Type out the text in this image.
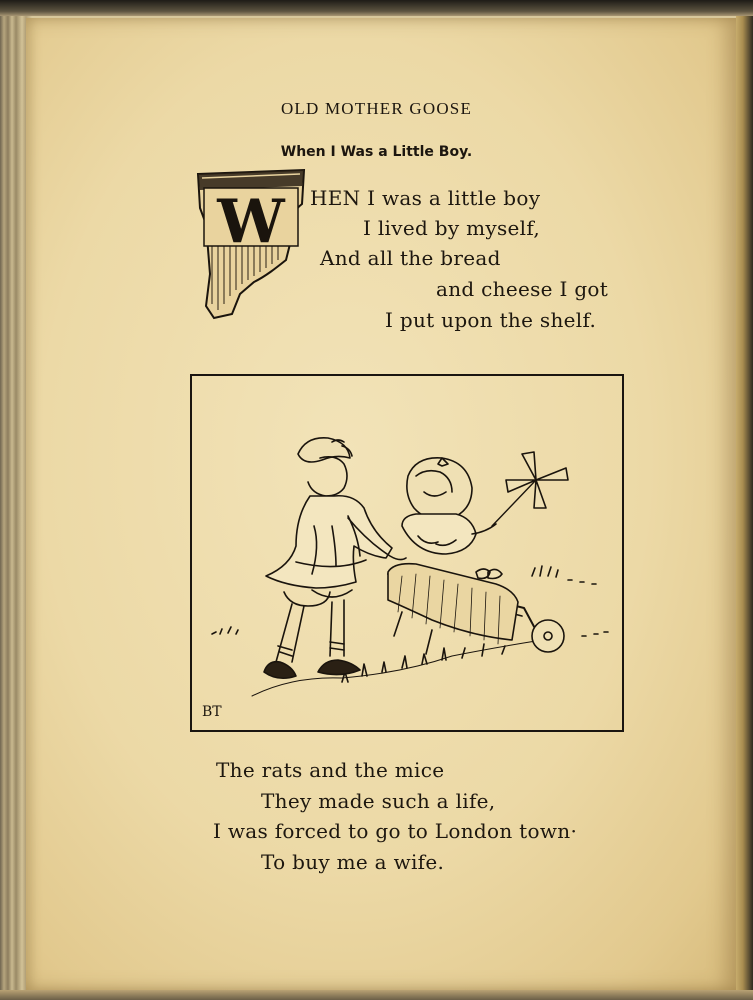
OLD MOTHER GOOSE
When I Was a Little Boy.
W HEN I was a little boy
I lived by myself,
And all the bread
and cheese I got
I put upon the shelf.
BT
The rats and the mice
They made such a life,
I was forced to go to London town·
To buy me a wife.
